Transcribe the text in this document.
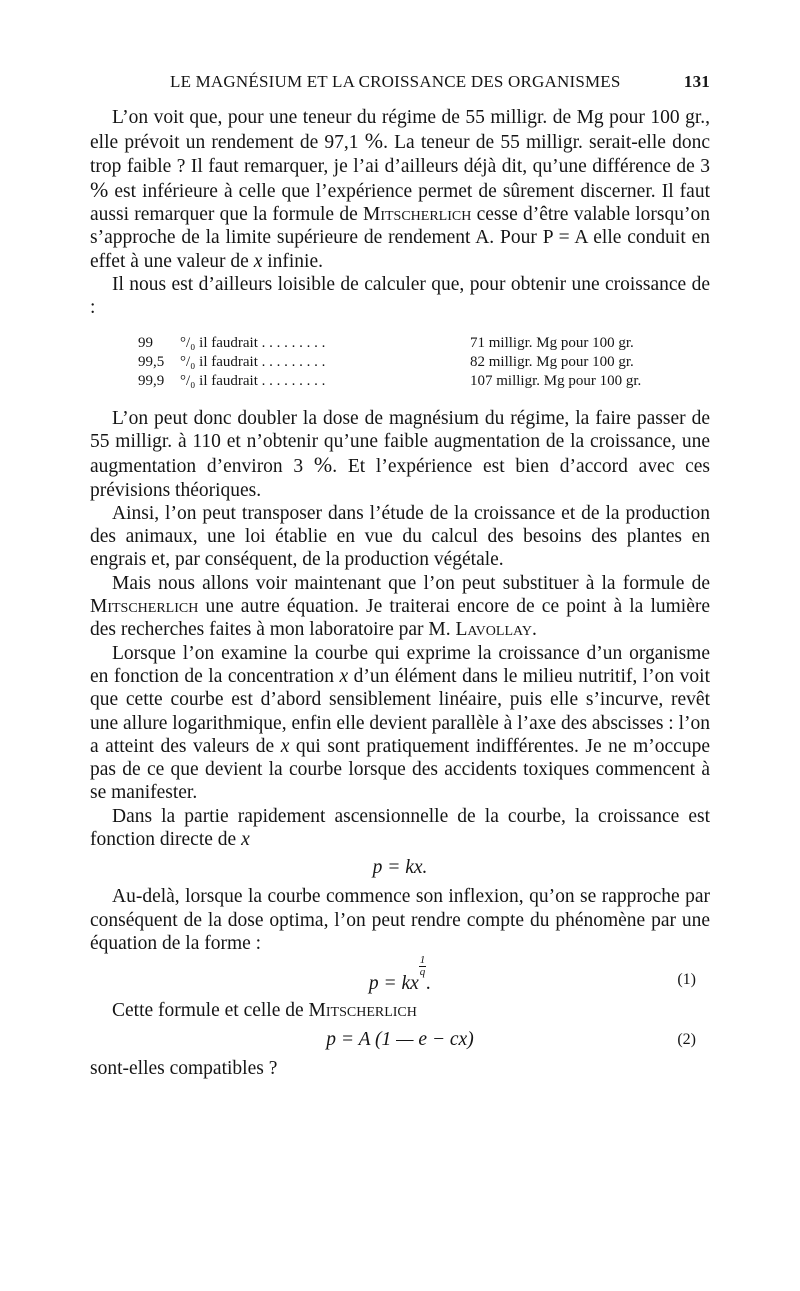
LE MAGNÉSIUM ET LA CROISSANCE DES ORGANISMES	131

L’on voit que, pour une teneur du régime de 55 milligr. de Mg pour 100 gr., elle prévoit un rendement de 97,1 %. La teneur de 55 milligr. serait-elle donc trop faible ? Il faut remarquer, je l’ai d’ailleurs déjà dit, qu’une différence de 3 % est inférieure à celle que l’expérience permet de sûrement discerner. Il faut aussi remarquer que la formule de Mitscherlich cesse d’être valable lorsqu’on s’approche de la limite supérieure de rendement A. Pour P = A elle conduit en effet à une valeur de x infinie.

Il nous est d’ailleurs loisible de calculer que, pour obtenir une croissance de :

99	°/₀ il faudrait . . . . . . . . .	71 milligr. Mg pour 100 gr.
99,5	°/₀ il faudrait . . . . . . . . .	82 milligr. Mg pour 100 gr.
99,9	°/₀ il faudrait . . . . . . . . .	107 milligr. Mg pour 100 gr.

L’on peut donc doubler la dose de magnésium du régime, la faire passer de 55 milligr. à 110 et n’obtenir qu’une faible augmentation de la croissance, une augmentation d’environ 3 %. Et l’expérience est bien d’accord avec ces prévisions théoriques.

Ainsi, l’on peut transposer dans l’étude de la croissance et de la production des animaux, une loi établie en vue du calcul des besoins des plantes en engrais et, par conséquent, de la production végétale.

Mais nous allons voir maintenant que l’on peut substituer à la formule de Mitscherlich une autre équation. Je traiterai encore de ce point à la lumière des recherches faites à mon laboratoire par M. Lavollay.

Lorsque l’on examine la courbe qui exprime la croissance d’un organisme en fonction de la concentration x d’un élément dans le milieu nutritif, l’on voit que cette courbe est d’abord sensiblement linéaire, puis elle s’incurve, revêt une allure logarithmique, enfin elle devient parallèle à l’axe des abscisses : l’on a atteint des valeurs de x qui sont pratiquement indifférentes. Je ne m’occupe pas de ce que devient la courbe lorsque des accidents toxiques commencent à se manifester.

Dans la partie rapidement ascensionnelle de la courbe, la croissance est fonction directe de x

p = kx.

Au-delà, lorsque la courbe commence son inflexion, qu’on se rapproche par conséquent de la dose optima, l’on peut rendre compte du phénomène par une équation de la forme :

p = kx
$\frac{1}{q}$
.	(1)

Cette formule et celle de Mitscherlich

p = A (1 — e − cx)	(2)

sont-elles compatibles ?
